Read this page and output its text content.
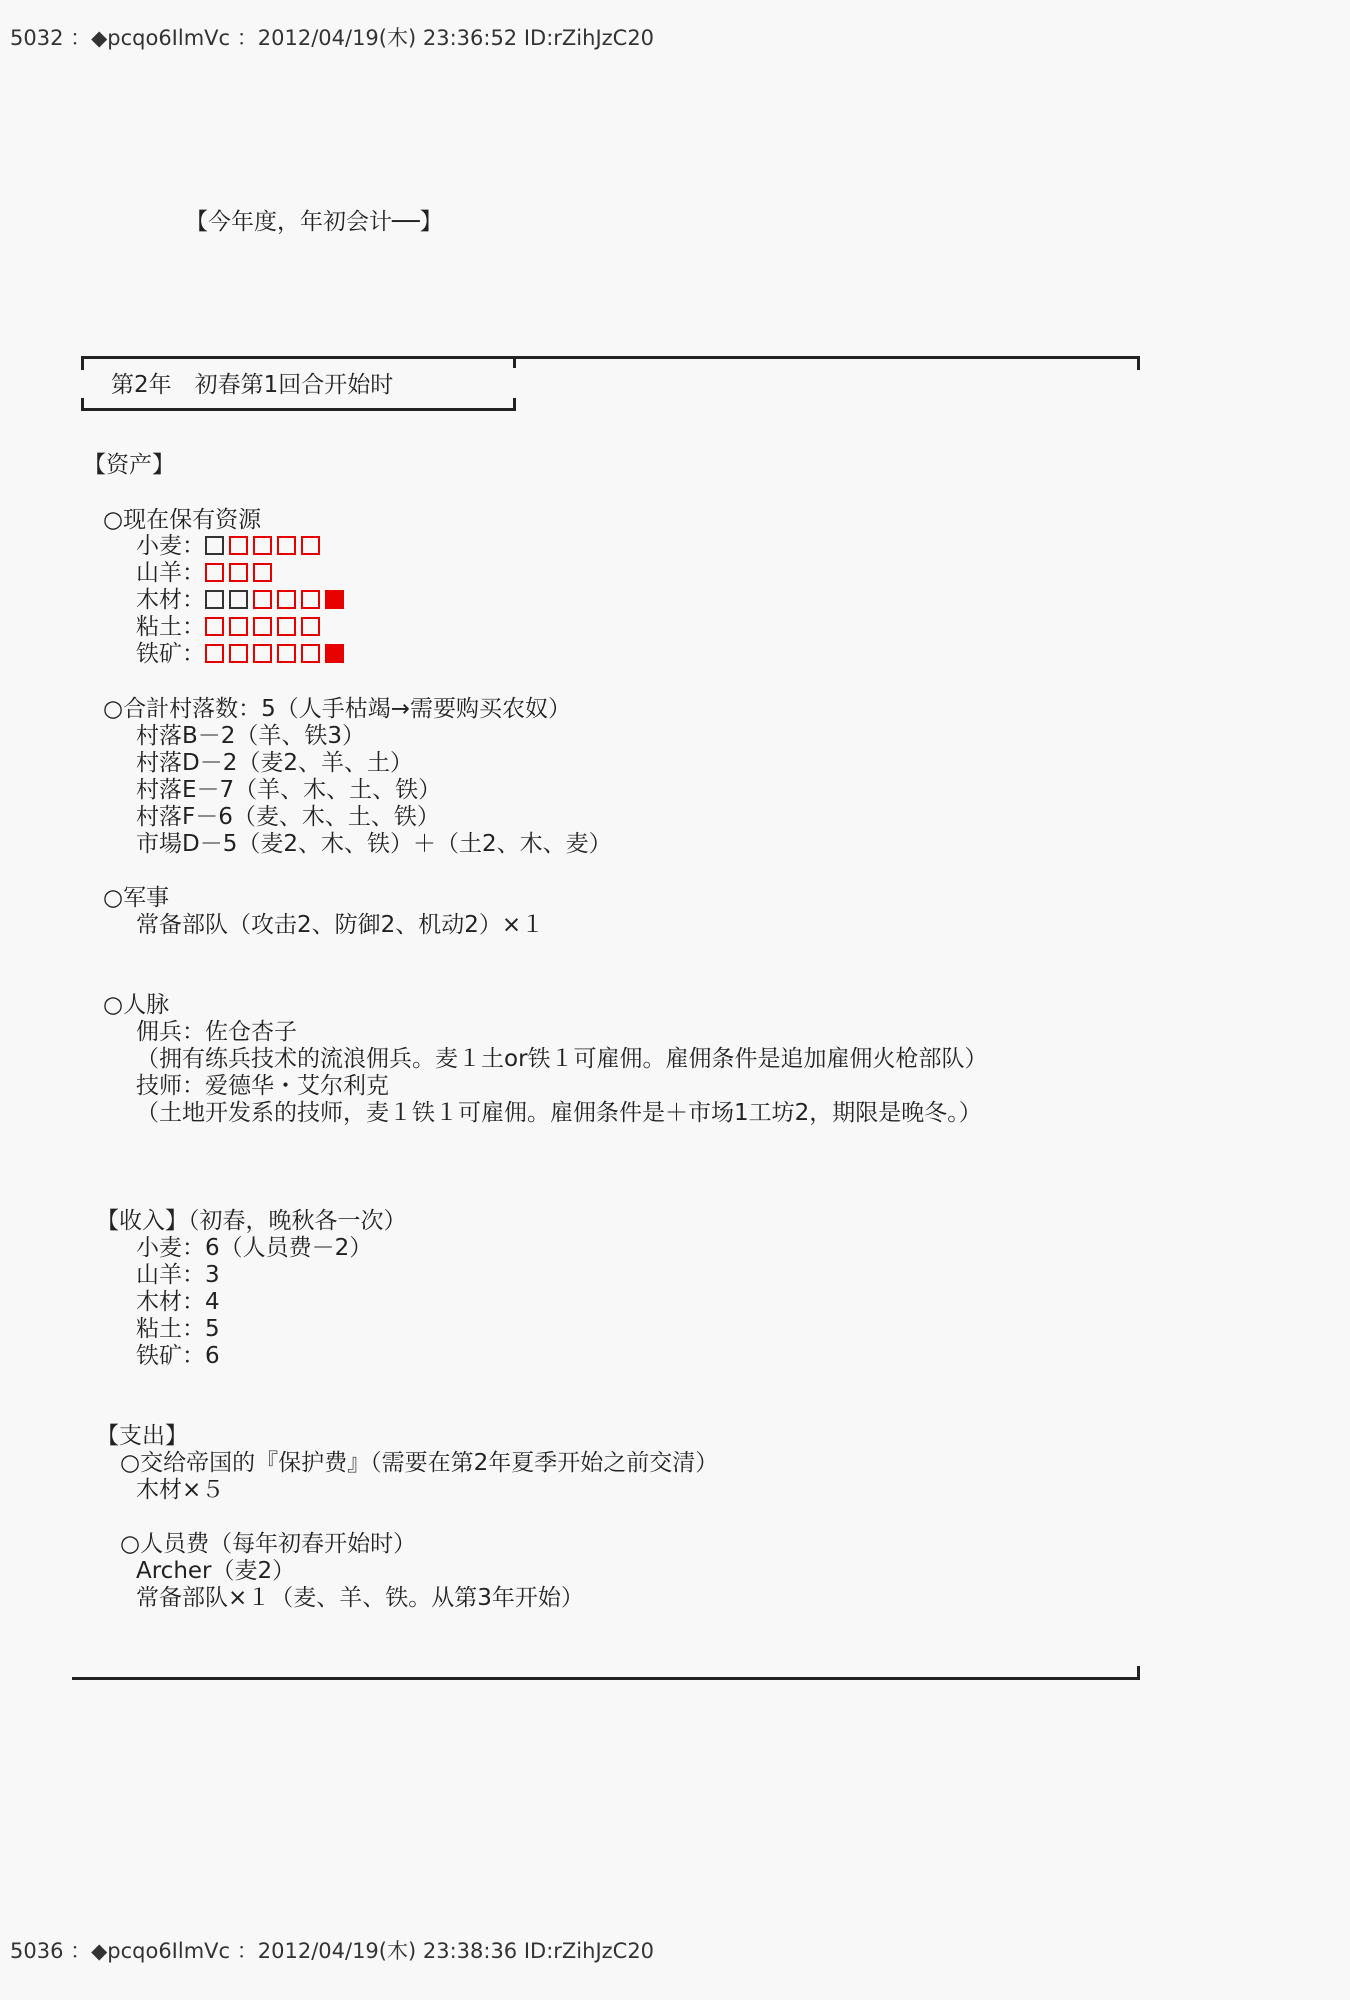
5032 ：◆pcqo6IlmVc ：2012/04/19(木) 23:36:52 ID:rZihJzC20
5036 ：◆pcqo6IlmVc ：2012/04/19(木) 23:38:36 ID:rZihJzC20
【今年度，年初会计──】
第2年　初春第1回合开始时
【资产】
○现在保有资源
小麦：
山羊：
木材：
粘土：
铁矿：
○合計村落数：5（人手枯竭→需要购买农奴）
村落B－2（羊、铁3）
村落D－2（麦2、羊、土）
村落E－7（羊、木、土、铁）
村落F－6（麦、木、土、铁）
市場D－5（麦2、木、铁）＋（土2、木、麦）
○军事
常备部队（攻击2、防御2、机动2）×１
○人脉
佣兵：佐仓杏子
（拥有练兵技术的流浪佣兵。麦１土or铁１可雇佣。雇佣条件是追加雇佣火枪部队）
技师：爱德华・艾尔利克
（土地开发系的技师，麦１铁１可雇佣。雇佣条件是＋市场1工坊2，期限是晚冬。）
【收入】（初春，晚秋各一次）
小麦：6（人员费－2）
山羊：3
木材：4
粘土：5
铁矿：6
【支出】
○交给帝国的『保护费』（需要在第2年夏季开始之前交清）
木材×５
○人员费（每年初春开始时）
Archer（麦2）
常备部队×１（麦、羊、铁。从第3年开始）
